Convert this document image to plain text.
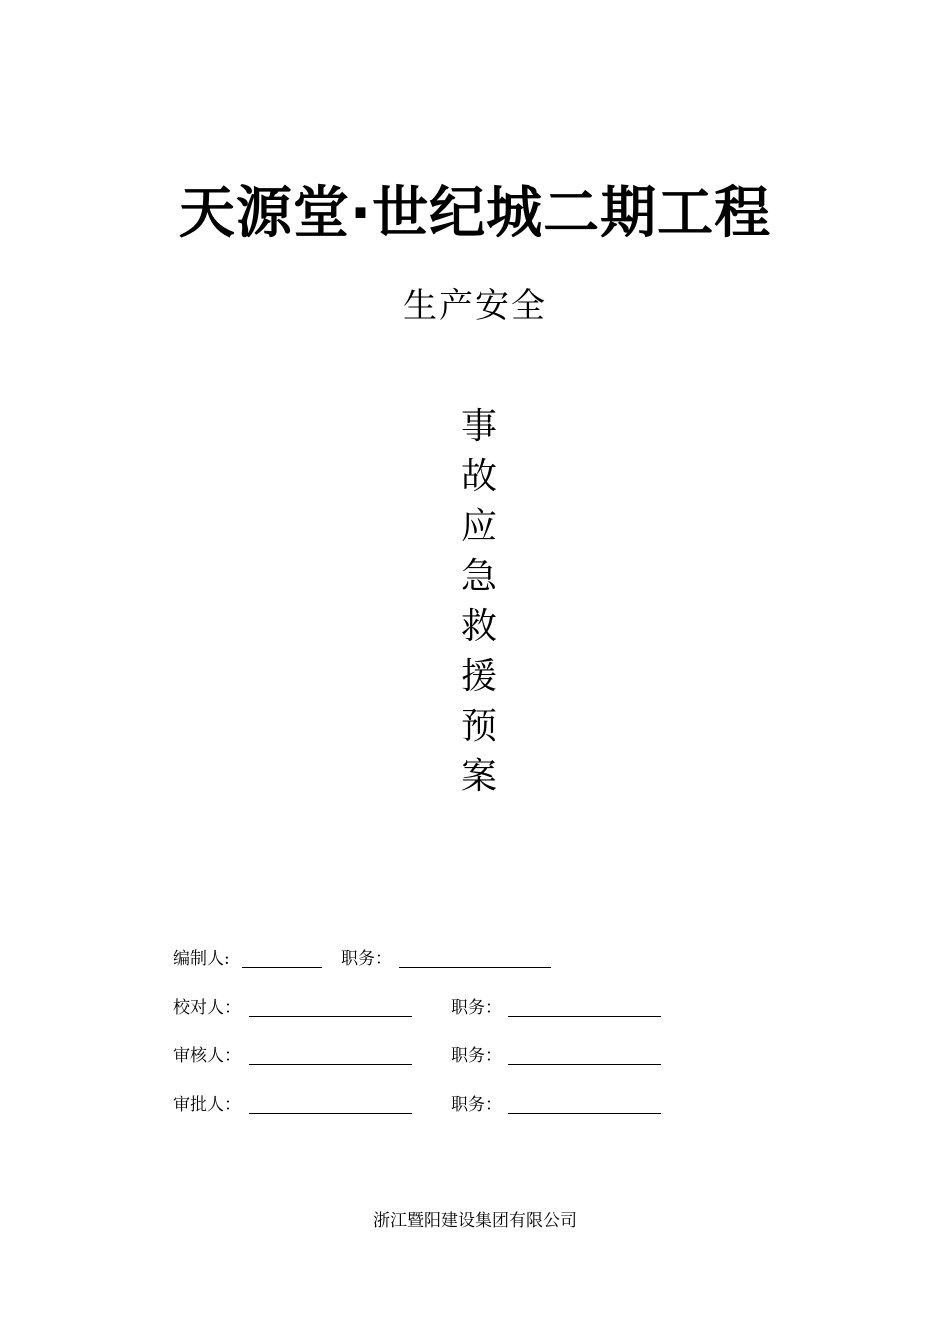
天源堂·世纪城二期工程
生产安全
事
故
应
急
救
援
预
案
编制人:	职务：
校对人：	职务：
审核人：	职务：
审批人：	职务：
浙江暨阳建设集团有限公司
